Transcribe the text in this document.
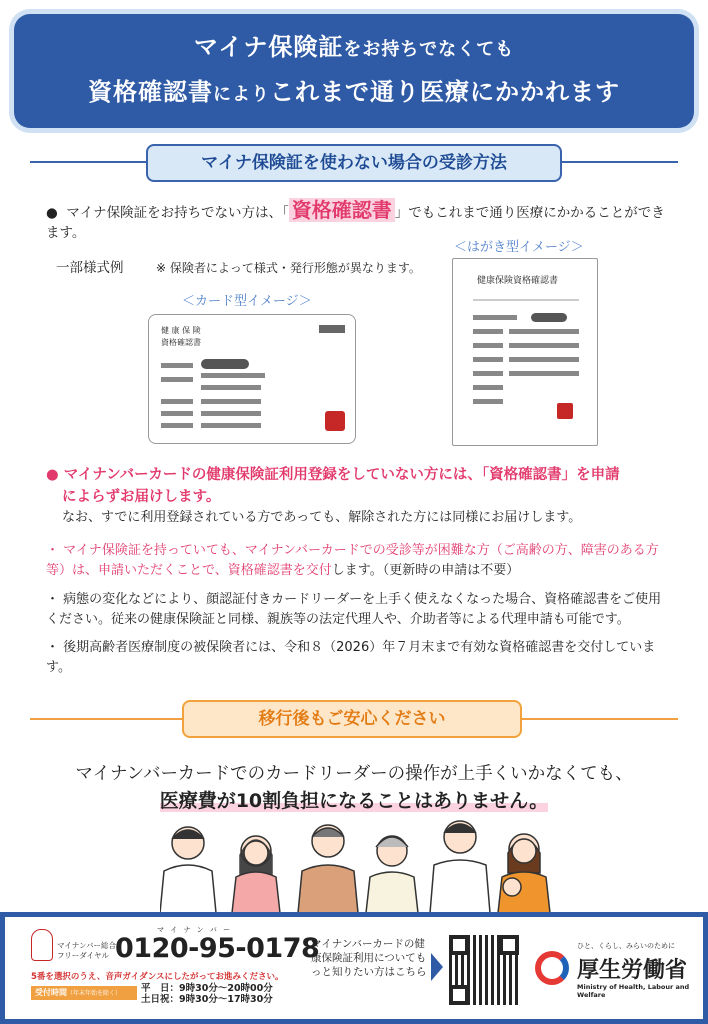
マイナ保険証をお持ちでなくても
資格確認書によりこれまで通り医療にかかれます
マイナ保険証を使わない場合の受診方法
●  マイナ保険証をお持ちでない方は、「 資格確認書 」でもこれまで通り医療にかかることができます。
一部様式例	※ 保険者によって様式・発行形態が異なります。
＜カード型イメージ＞
健 康 保 険
資格確認書
＜はがき型イメージ＞
健康保険資格確認書
● マイナンバーカードの健康保険証利用登録をしていない方には、「資格確認書」を申請
によらずお届けします。
なお、すでに利用登録されている方であっても、解除された方には同様にお届けします。
・ マイナ保険証を持っていても、マイナンバーカードでの受診等が困難な方（ご高齢の方、障害のある方等）は、申請いただくことで、資格確認書を交付します。（更新時の申請は不要）
・ 病態の変化などにより、顔認証付きカードリーダーを上手く使えなくなった場合、資格確認書をご使用ください。従来の健康保険証と同様、親族等の法定代理人や、介助者等による代理申請も可能です。
・ 後期高齢者医療制度の被保険者には、令和８（2026）年７月末まで有効な資格確認書を交付しています。
移行後もご安心ください
マイナンバーカードでのカードリーダーの操作が上手くいかなくても、
医療費が10割負担になることはありません。
マイナンバー総合
フリーダイヤル
マ イ ナ ン バ ー
0120-95-0178
5番を選択のうえ、音声ガイダンスにしたがってお進みください。
受付時間（年末年始を除く）	平　日：9時30分～20時00分
土日祝：9時30分～17時30分
マイナンバーカードの健康保険証利用についてもっと知りたい方はこちら
ひと、くらし、みらいのために
厚生労働省
Ministry of Health, Labour and Welfare
